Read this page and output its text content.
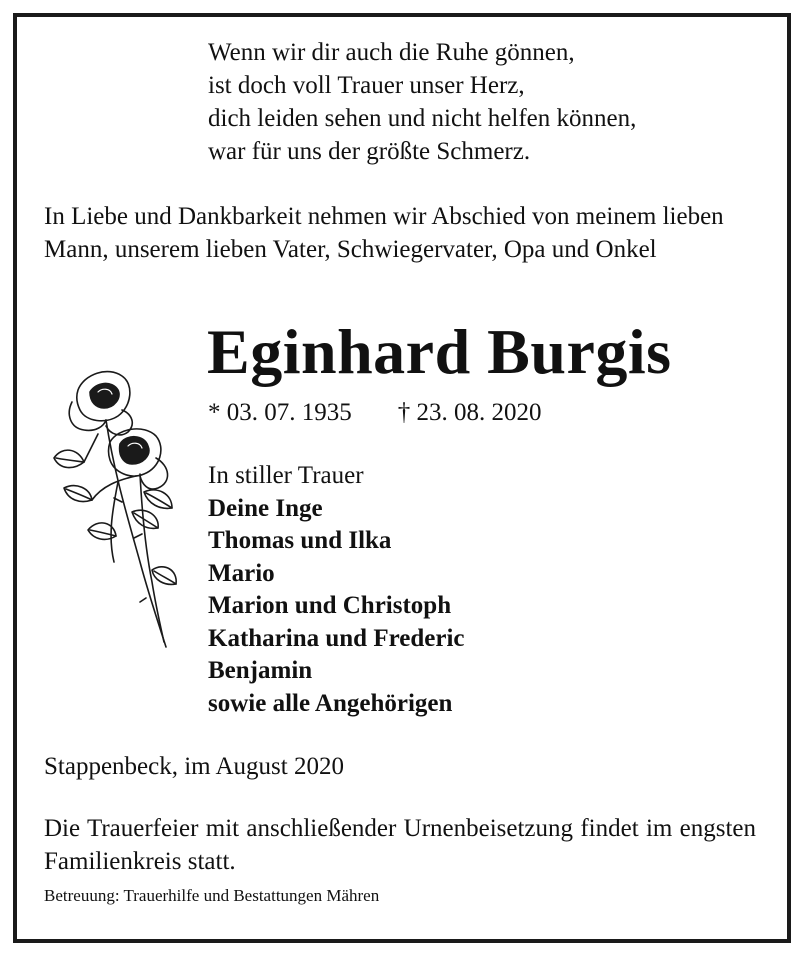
Wenn wir dir auch die Ruhe gönnen,
ist doch voll Trauer unser Herz,
dich leiden sehen und nicht helfen können,
war für uns der größte Schmerz.
In Liebe und Dankbarkeit nehmen wir Abschied von meinem lieben Mann, unserem lieben Vater, Schwiegervater, Opa und Onkel
Eginhard Burgis
* 03. 07. 1935 † 23. 08. 2020
In stiller Trauer
Deine Inge
Thomas und Ilka
Mario
Marion und Christoph
Katharina und Frederic
Benjamin
sowie alle Angehörigen
Stappenbeck, im August 2020
Die Trauerfeier mit anschließender Urnenbeisetzung findet im engsten Familienkreis statt.
Betreuung: Trauerhilfe und Bestattungen Mähren
